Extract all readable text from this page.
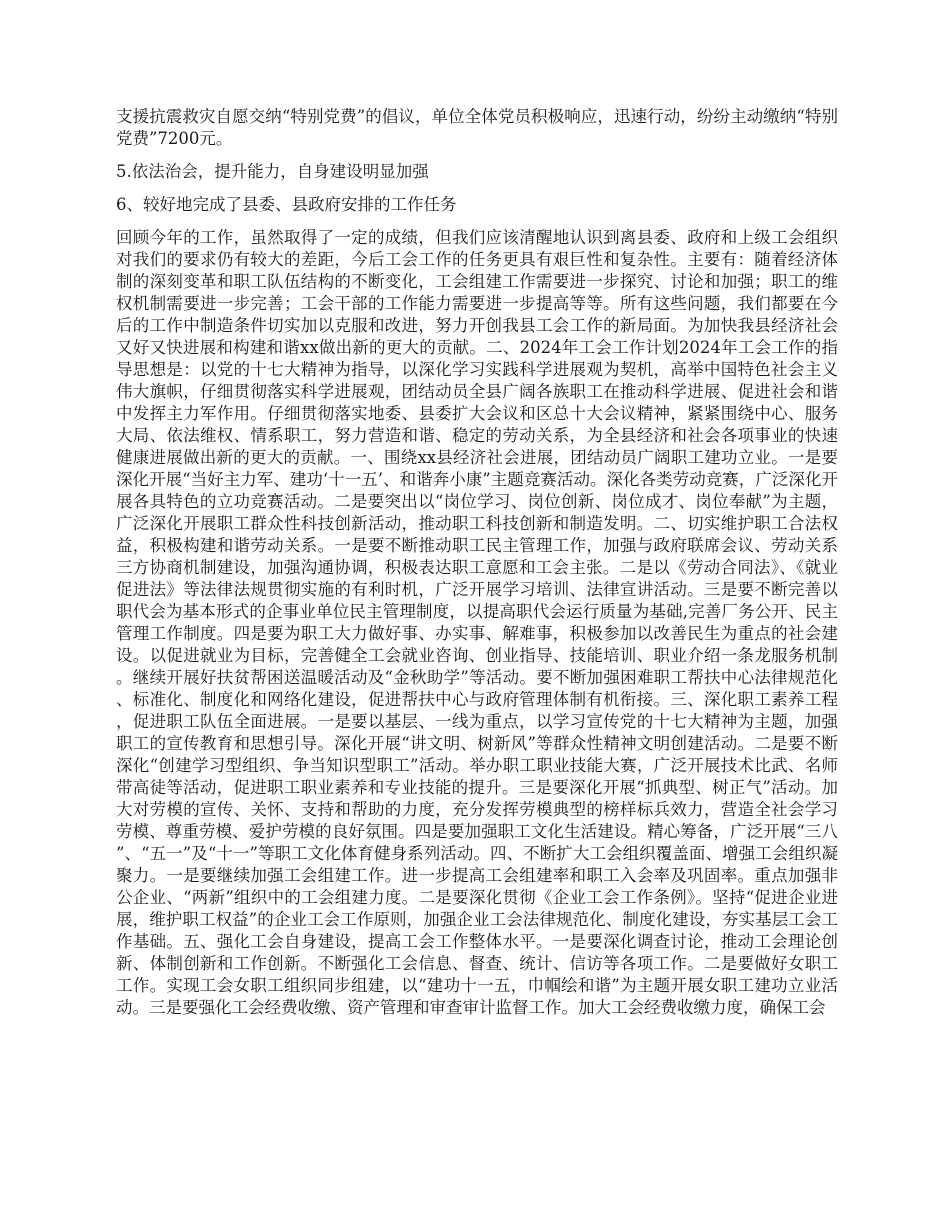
支援抗震救灾自愿交纳“特别党费”的倡议，单位全体党员积极响应，迅速行动，纷纷主动缴纳“特别党费”7200元。

5.依法治会，提升能力，自身建设明显加强

6、较好地完成了县委、县政府安排的工作任务

回顾今年的工作，虽然取得了一定的成绩，但我们应该清醒地认识到离县委、政府和上级工会组织对我们的要求仍有较大的差距，今后工会工作的任务更具有艰巨性和复杂性。主要有：随着经济体制的深刻变革和职工队伍结构的不断变化，工会组建工作需要进一步探究、讨论和加强；职工的维权机制需要进一步完善；工会干部的工作能力需要进一步提高等等。所有这些问题，我们都要在今后的工作中制造条件切实加以克服和改进，努力开创我县工会工作的新局面。为加快我县经济社会又好又快进展和构建和谐xx做出新的更大的贡献。二、2024年工会工作计划2024年工会工作的指导思想是：以党的十七大精神为指导，以深化学习实践科学进展观为契机，高举中国特色社会主义伟大旗帜，仔细贯彻落实科学进展观，团结动员全县广阔各族职工在推动科学进展、促进社会和谐中发挥主力军作用。仔细贯彻落实地委、县委扩大会议和区总十大会议精神，紧紧围绕中心、服务大局、依法维权、情系职工，努力营造和谐、稳定的劳动关系，为全县经济和社会各项事业的快速健康进展做出新的更大的贡献。一、围绕xx县经济社会进展，团结动员广阔职工建功立业。一是要深化开展“当好主力军、建功‘十一五’、和谐奔小康”主题竞赛活动。深化各类劳动竞赛，广泛深化开展各具特色的立功竞赛活动。二是要突出以“岗位学习、岗位创新、岗位成才、岗位奉献”为主题，广泛深化开展职工群众性科技创新活动，推动职工科技创新和制造发明。二、切实维护职工合法权益，积极构建和谐劳动关系。一是要不断推动职工民主管理工作，加强与政府联席会议、劳动关系三方协商机制建设，加强沟通协调，积极表达职工意愿和工会主张。二是以《劳动合同法》、《就业促进法》等法律法规贯彻实施的有利时机，广泛开展学习培训、法律宣讲活动。三是要不断完善以职代会为基本形式的企事业单位民主管理制度，以提高职代会运行质量为基础,完善厂务公开、民主管理工作制度。四是要为职工大力做好事、办实事、解难事，积极参加以改善民生为重点的社会建设。以促进就业为目标，完善健全工会就业咨询、创业指导、技能培训、职业介绍一条龙服务机制。继续开展好扶贫帮困送温暖活动及“金秋助学”等活动。要不断加强困难职工帮扶中心法律规范化、标准化、制度化和网络化建设，促进帮扶中心与政府管理体制有机衔接。三、深化职工素养工程，促进职工队伍全面进展。一是要以基层、一线为重点，以学习宣传党的十七大精神为主题，加强职工的宣传教育和思想引导。深化开展“讲文明、树新风”等群众性精神文明创建活动。二是要不断深化“创建学习型组织、争当知识型职工”活动。举办职工职业技能大赛，广泛开展技术比武、名师带高徒等活动，促进职工职业素养和专业技能的提升。三是要深化开展“抓典型、树正气”活动。加大对劳模的宣传、关怀、支持和帮助的力度，充分发挥劳模典型的榜样标兵效力，营造全社会学习劳模、尊重劳模、爱护劳模的良好氛围。四是要加强职工文化生活建设。精心筹备，广泛开展“三八”、“五一”及“十一”等职工文化体育健身系列活动。四、不断扩大工会组织覆盖面、增强工会组织凝聚力。一是要继续加强工会组建工作。进一步提高工会组建率和职工入会率及巩固率。重点加强非公企业、“两新”组织中的工会组建力度。二是要深化贯彻《企业工会工作条例》。坚持“促进企业进展，维护职工权益”的企业工会工作原则，加强企业工会法律规范化、制度化建设，夯实基层工会工作基础。五、强化工会自身建设，提高工会工作整体水平。一是要深化调查讨论，推动工会理论创新、体制创新和工作创新。不断强化工会信息、督查、统计、信访等各项工作。二是要做好女职工工作。实现工会女职工组织同步组建，以“建功十一五，巾帼绘和谐”为主题开展女职工建功立业活动。三是要强化工会经费收缴、资产管理和审查审计监督工作。加大工会经费收缴力度，确保工会
